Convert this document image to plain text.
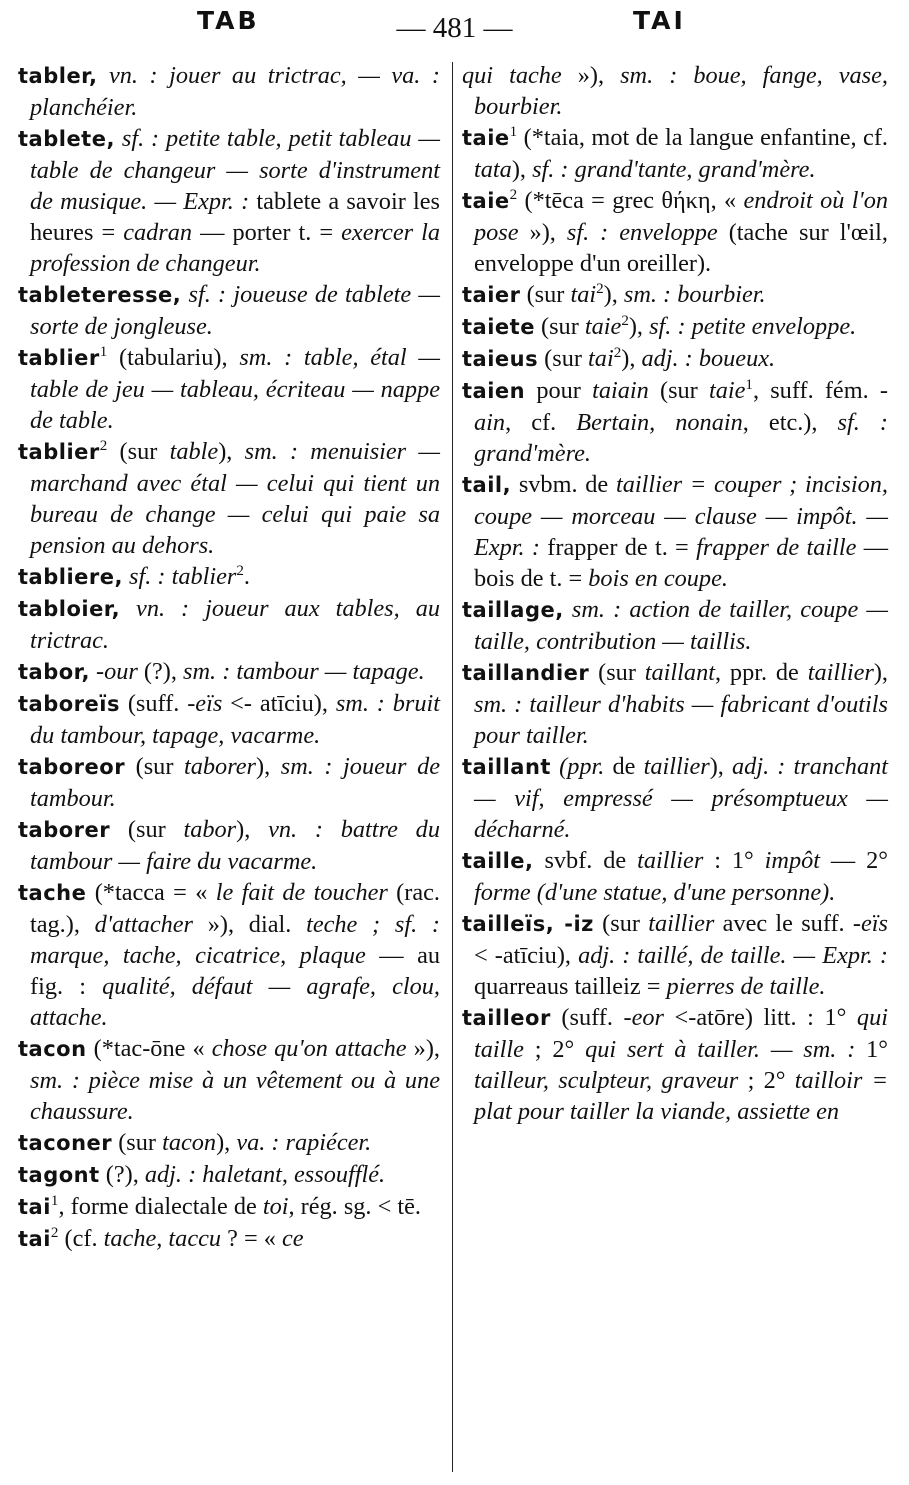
TAB	— 481 —	TAI

tabler, vn. : jouer au trictrac, — va. : planchéier.

tablete, sf. : petite table, petit tableau — table de changeur — sorte d'instrument de musique. — Expr. : tablete a savoir les heures = cadran — porter t. = exercer la profession de changeur.

tableteresse, sf. : joueuse de tablete — sorte de jongleuse.

tablier$^1$ (tabulariu), sm. : table, étal — table de jeu — tableau, écriteau — nappe de table.

tablier$^2$ (sur table), sm. : menuisier — marchand avec étal — celui qui tient un bureau de change — celui qui paie sa pension au dehors.

tabliere, sf. : tablier$^2$.

tabloier, vn. : joueur aux tables, au trictrac.

tabor, -our (?), sm. : tambour — tapage.

taboreïs (suff. -eïs <- atīciu), sm. : bruit du tambour, tapage, vacarme.

taboreor (sur taborer), sm. : joueur de tambour.

taborer (sur tabor), vn. : battre du tambour — faire du vacarme.

tache (*tacca = « le fait de toucher (rac. tag.), d'attacher »), dial. teche ; sf. : marque, tache, cicatrice, plaque — au fig. : qualité, défaut — agrafe, clou, attache.

tacon (*tac-ōne « chose qu'on attache »), sm. : pièce mise à un vêtement ou à une chaussure.

taconer (sur tacon), va. : rapiécer.

tagont (?), adj. : haletant, essoufflé.

tai$^1$, forme dialectale de toi, rég. sg. < tē.

tai$^2$ (cf. tache, taccu ? = « ce

qui tache »), sm. : boue, fange, vase, bourbier.

taie$^1$ (*taia, mot de la langue enfantine, cf. tata), sf. : grand'tante, grand'mère.

taie$^2$ (*tēca = grec θήκη, « endroit où l'on pose »), sf. : enveloppe (tache sur l'œil, enveloppe d'un oreiller).

taier (sur tai$^2$), sm. : bourbier.

taiete (sur taie$^2$), sf. : petite enveloppe.

taieus (sur tai$^2$), adj. : boueux.

taien pour taiain (sur taie$^1$, suff. fém. -ain, cf. Bertain, nonain, etc.), sf. : grand'mère.

tail, svbm. de taillier = couper ; incision, coupe — morceau — clause — impôt. — Expr. : frapper de t. = frapper de taille — bois de t. = bois en coupe.

taillage, sm. : action de tailler, coupe — taille, contribution — taillis.

taillandier (sur taillant, ppr. de taillier), sm. : tailleur d'habits — fabricant d'outils pour tailler.

taillant (ppr. de taillier), adj. : tranchant — vif, empressé — présomptueux — décharné.

taille, svbf. de taillier : 1° impôt — 2° forme (d'une statue, d'une personne).

tailleïs, -iz (sur taillier avec le suff. -eïs < -atīciu), adj. : taillé, de taille. — Expr. : quarreaus tailleiz = pierres de taille.

tailleor (suff. -eor <-atōre) litt. : 1° qui taille ; 2° qui sert à tailler. — sm. : 1° tailleur, sculpteur, graveur ; 2° tailloir = plat pour tailler la viande, assiette en
